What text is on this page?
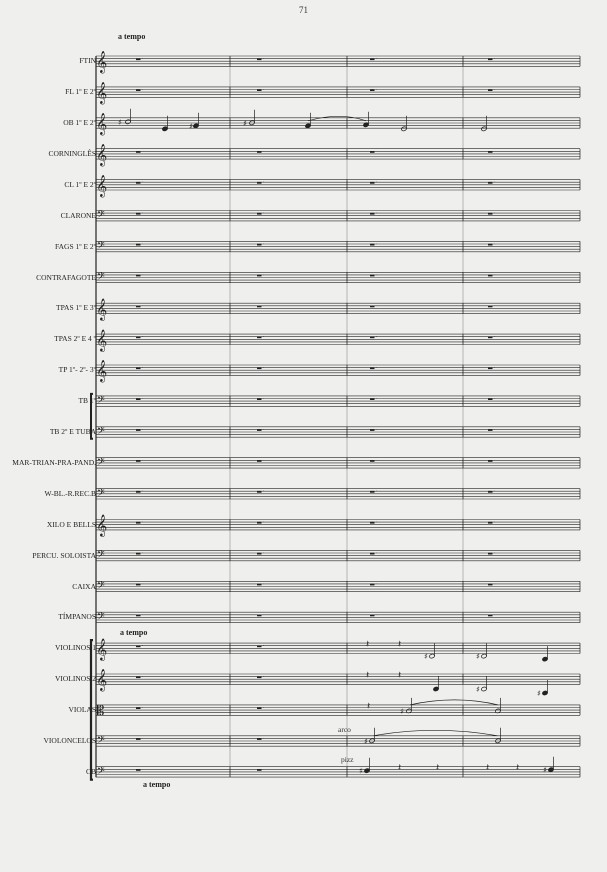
71
a tempo
a tempo
a tempo
arco
pizz
FTIN
FL 1º E 2º
OB 1º E 2º
CORNINGLÊS
CL 1º E 2º
CLARONE
FAGS 1º E 2º
CONTRAFAGOTE
TPAS 1º E 3º
TPAS 2º E 4 º
TP 1º- 2º- 3º
TB 1º
TB 2º E TUBA
MAR-TRIAN-PRA-PAND.
W-BL.-R.REC.B
XILO E BELLS
PERCU. SOLOISTA
CAIXA
TÍMPANOS
VIOLINOS 1
VIOLINOS 2
VIOLAS
VIOLONCELOS
CB
𝄞	·	·	·	·
𝄞	·	·	·	·
𝄞
𝄞	·	·	·	·
𝄞	·	·	·	·
𝄢	·	·	·	·
𝄢	·	·	·	·
𝄢	·	·	·	·
𝄞	·	·	·	·
𝄞	·	·	·	·
𝄞	·	·	·	·
𝄢	·	·	·	·
𝄢	·	·	·	·
𝄢	·	·	·	·
𝄢	·	·	·	·
𝄞	·	·	·	·
𝄢	·	·	·	·
𝄢	·	·	·	·
𝄢	·	·	·	·
𝄞	·	·
𝄞	·	·
𝄡	·	·
𝄢	·	·
𝄢	·	·
♯	♯	♯
𝄽	𝄽
♯	♯
𝄽	𝄽
♯	♯
𝄽	♯
♯
♯	𝄽	𝄽	𝄽	𝄽	♯
